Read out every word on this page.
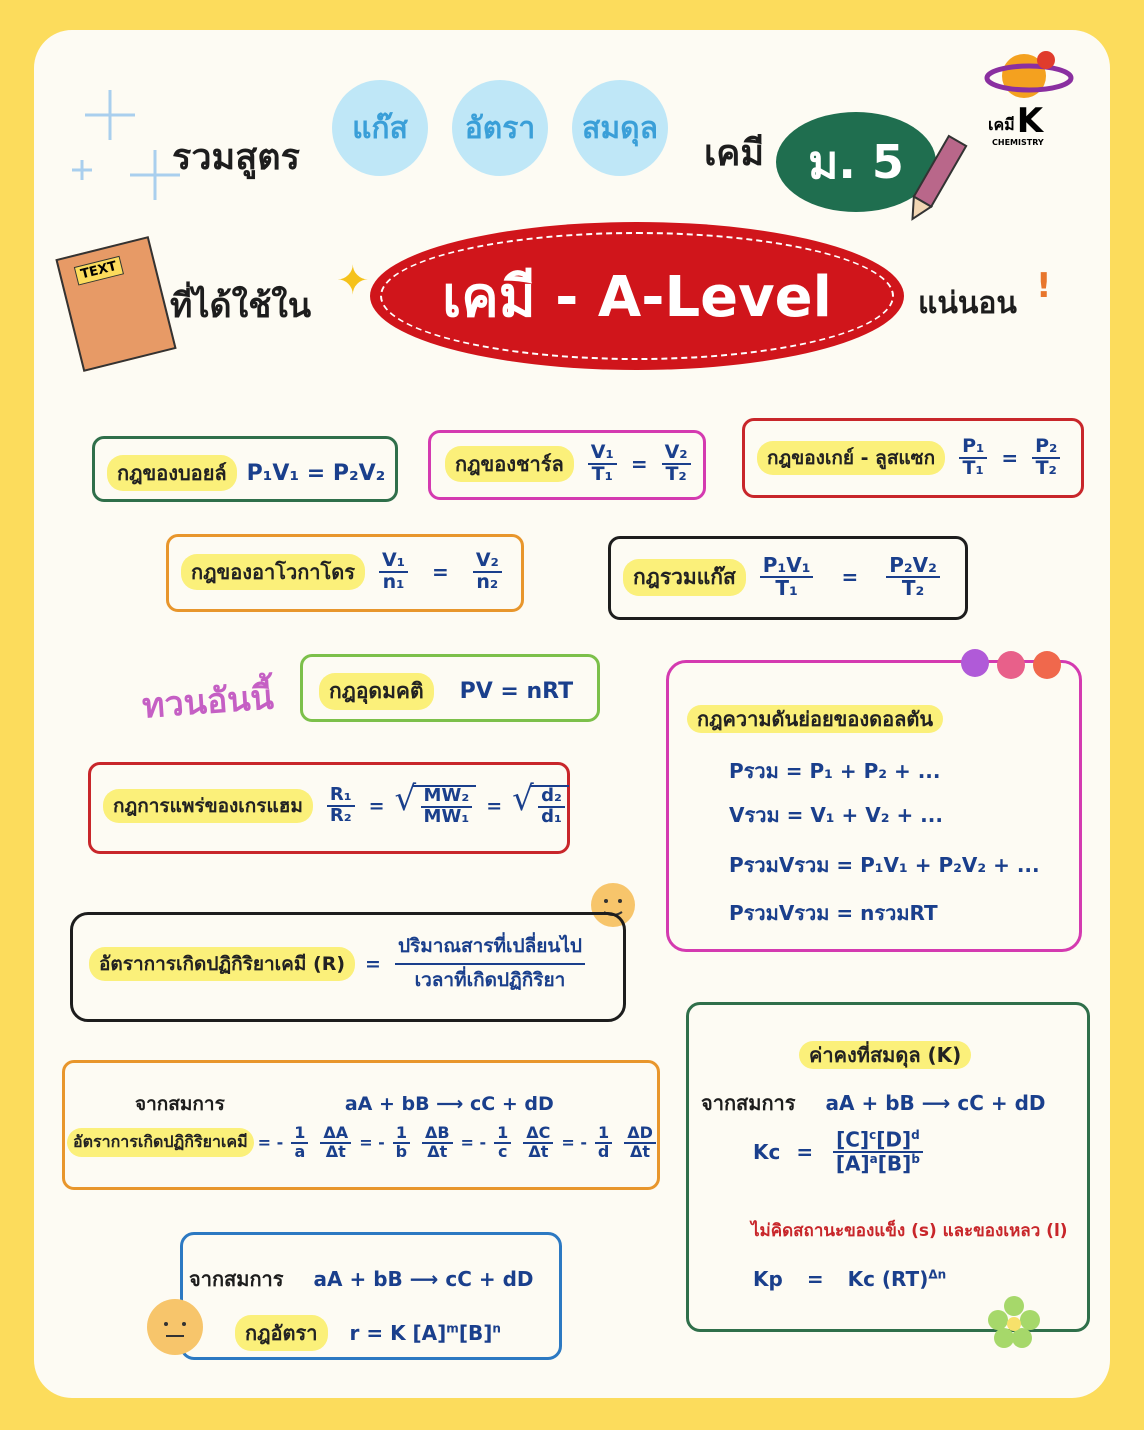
รวมสูตร
แก๊ส	อัตรา	สมดุล
เคมี ม. 5
เคมี K
CHEMISTRY
TEXT
ที่ได้ใช้ใน
✦ เคมี - A-Level	แน่นอน !
กฎของบอยล์ P₁V₁ = P₂V₂	กฎของชาร์ล	$\frac{\text{V₁}}{\text{T₁}} = \frac{\text{V₂}}{\text{T₂}}$	กฎของเกย์ - ลูสแซก	$\frac{\text{P₁}}{\text{T₁}} = \frac{\text{P₂}}{\text{T₂}}$
กฎของอาโวกาโดร	$\frac{\text{V₁}}{\text{n₁}} = \frac{\text{V₂}}{\text{n₂}}$	กฎรวมแก๊ส	$\frac{\text{P₁V₁}}{\text{T₁}} = \frac{\text{P₂V₂}}{\text{T₂}}$
ทวนอันนี้	กฎอุดมคติ	PV = nRT
กฎความดันย่อยของดอลตัน
Pรวม = P₁ + P₂ + ...
Vรวม = V₁ + V₂ + ...
PรวมVรวม = P₁V₁ + P₂V₂ + ...
PรวมVรวม = nรวมRT
กฎการแพร่ของเกรแฮม	$\frac{\text{R₁}}{\text{R₂}}$ = √ $\frac{\text{MW₂}}{\text{MW₁}}$ = √ $\frac{\text{d₂}}{\text{d₁}}$
อัตราการเกิดปฏิกิริยาเคมี (R)	= $\frac{\text{ปริมาณสารที่เปลี่ยนไป}}{\text{เวลาที่เกิดปฏิกิริยา}}$
ค่าคงที่สมดุล (K)
จากสมการ aA + bB ⟶ cC + dD
$Kc = \frac{[C]^c[D]^d}{[A]^a[B]^b}$
ไม่คิดสถานะของแข็ง (s) และของเหลว (l)
Kp = Kc (RT)$^{\Delta n}$
จากสมการ	aA + bB ⟶ cC + dD
อัตราการเกิดปฏิกิริยาเคมี = - $\frac{1}{a} \frac{\Delta A}{\Delta t}$ = - $\frac{1}{b} \frac{\Delta B}{\Delta t}$ = - $\frac{1}{c} \frac{\Delta C}{\Delta t}$ = - $\frac{1}{d} \frac{\Delta D}{\Delta t}$
จากสมการ aA + bB ⟶ cC + dD
กฎอัตรา	r = K $[A]^m[B]^n$
